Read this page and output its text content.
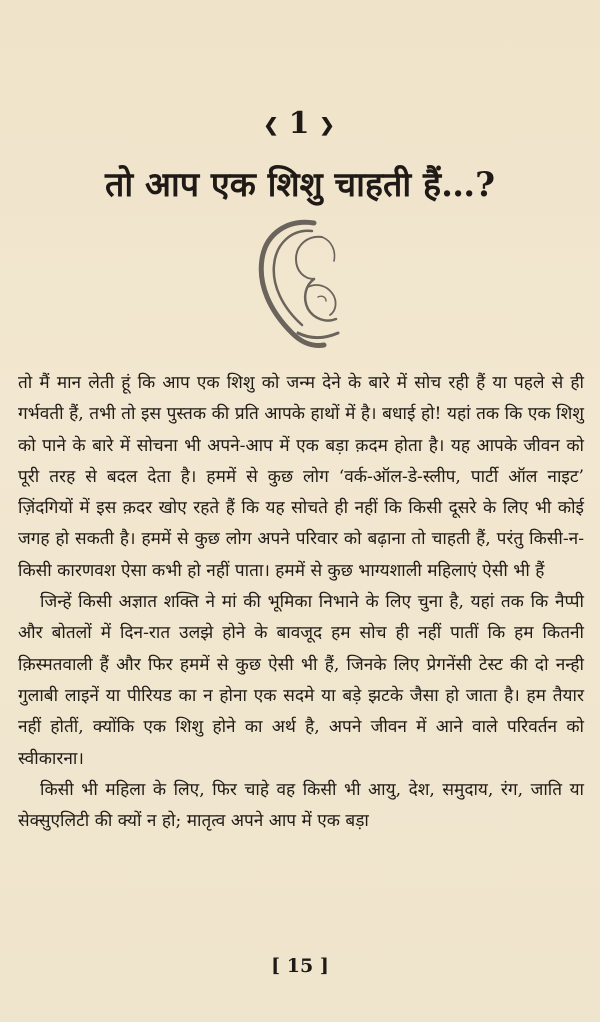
❮ 1 ❯
तो आप एक शिशु चाहती हैं…?

तो मैं मान लेती हूं कि आप एक शिशु को जन्म देने के बारे में सोच रही हैं या पहले से ही गर्भवती हैं, तभी तो इस पुस्तक की प्रति आपके हाथों में है। बधाई हो! यहां तक कि एक शिशु को पाने के बारे में सोचना भी अपने-आप में एक बड़ा क़दम होता है। यह आपके जीवन को पूरी तरह से बदल देता है। हममें से कुछ लोग ‘वर्क-ऑल-डे-स्लीप, पार्टी ऑल नाइट’ ज़िंदगियों में इस क़दर खोए रहते हैं कि यह सोचते ही नहीं कि किसी दूसरे के लिए भी कोई जगह हो सकती है। हममें से कुछ लोग अपने परिवार को बढ़ाना तो चाहती हैं, परंतु किसी-न-किसी कारणवश ऐसा कभी हो नहीं पाता। हममें से कुछ भाग्यशाली महिलाएं ऐसी भी हैं

जिन्हें किसी अज्ञात शक्ति ने मां की भूमिका निभाने के लिए चुना है, यहां तक कि नैप्पी और बोतलों में दिन-रात उलझे होने के बावजूद हम सोच ही नहीं पातीं कि हम कितनी क़िस्मतवाली हैं और फिर हममें से कुछ ऐसी भी हैं, जिनके लिए प्रेगनेंसी टेस्ट की दो नन्ही गुलाबी लाइनें या पीरियड का न होना एक सदमे या बड़े झटके जैसा हो जाता है। हम तैयार नहीं होतीं, क्योंकि एक शिशु होने का अर्थ है, अपने जीवन में आने वाले परिवर्तन को स्वीकारना।

किसी भी महिला के लिए, फिर चाहे वह किसी भी आयु, देश, समुदाय, रंग, जाति या सेक्सुएलिटी की क्यों न हो; मातृत्व अपने आप में एक बड़ा

[ 15 ]
